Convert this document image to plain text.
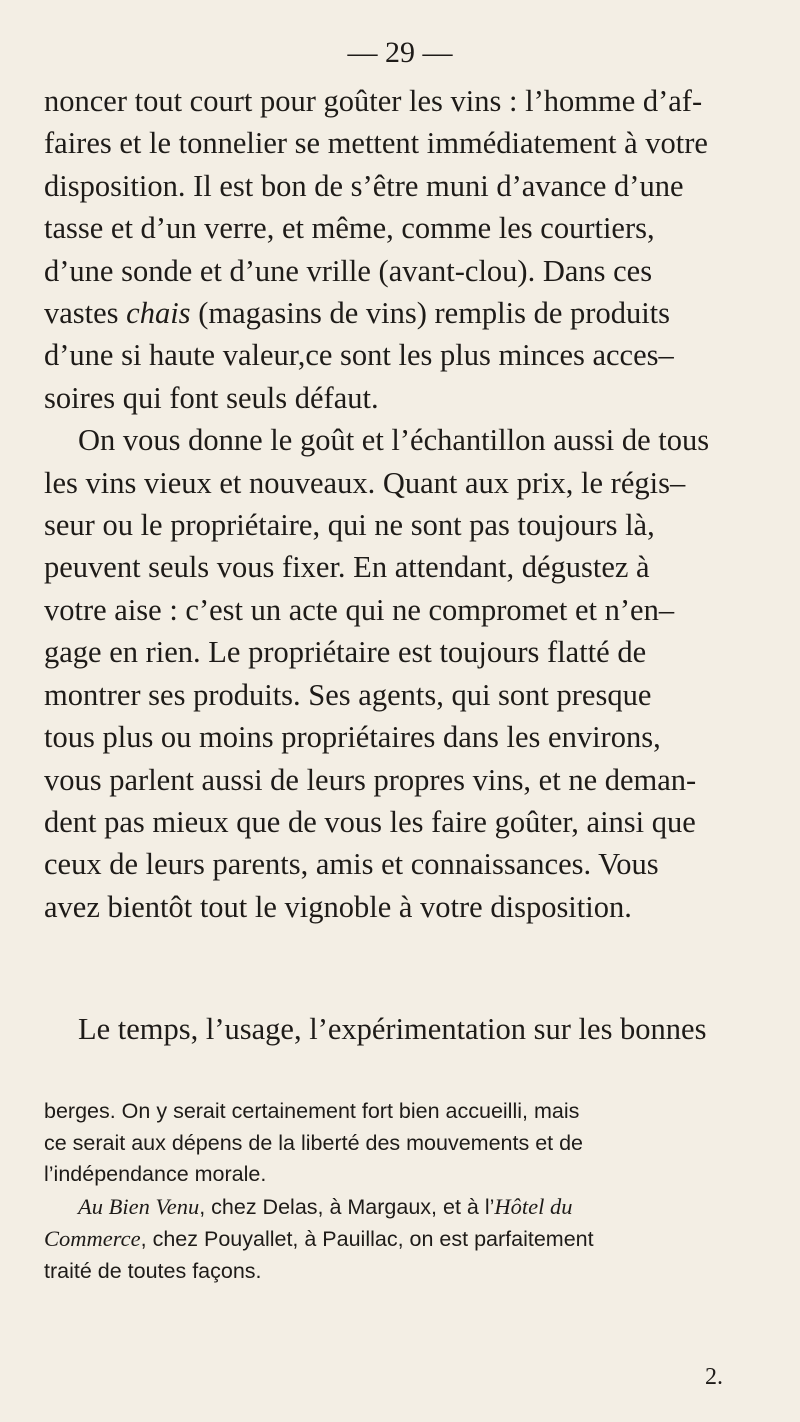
— 29 —
noncer tout court pour goûter les vins : l’homme d’af-
faires et le tonnelier se mettent immédiatement à votre
disposition. Il est bon de s’être muni d’avance d’une
tasse et d’un verre, et même, comme les courtiers,
d’une sonde et d’une vrille (avant-clou). Dans ces
vastes chais (magasins de vins) remplis de produits
d’une si haute valeur,ce sont les plus minces acces–
soires qui font seuls défaut.
On vous donne le goût et l’échantillon aussi de tous
les vins vieux et nouveaux. Quant aux prix, le régis–
seur ou le propriétaire, qui ne sont pas toujours là,
peuvent seuls vous fixer. En attendant, dégustez à
votre aise : c’est un acte qui ne compromet et n’en–
gage en rien. Le propriétaire est toujours flatté de
montrer ses produits. Ses agents, qui sont presque
tous plus ou moins propriétaires dans les environs,
vous parlent aussi de leurs propres vins, et ne deman-
dent pas mieux que de vous les faire goûter, ainsi que
ceux de leurs parents, amis et connaissances. Vous
avez bientôt tout le vignoble à votre disposition.
Le temps, l’usage, l’expérimentation sur les bonnes
berges. On y serait certainement fort bien accueilli, mais
ce serait aux dépens de la liberté des mouvements et de
l’indépendance morale.
Au Bien Venu, chez Delas, à Margaux, et à l’Hôtel du
Commerce, chez Pouyallet, à Pauillac, on est parfaitement
traité de toutes façons.
2.
